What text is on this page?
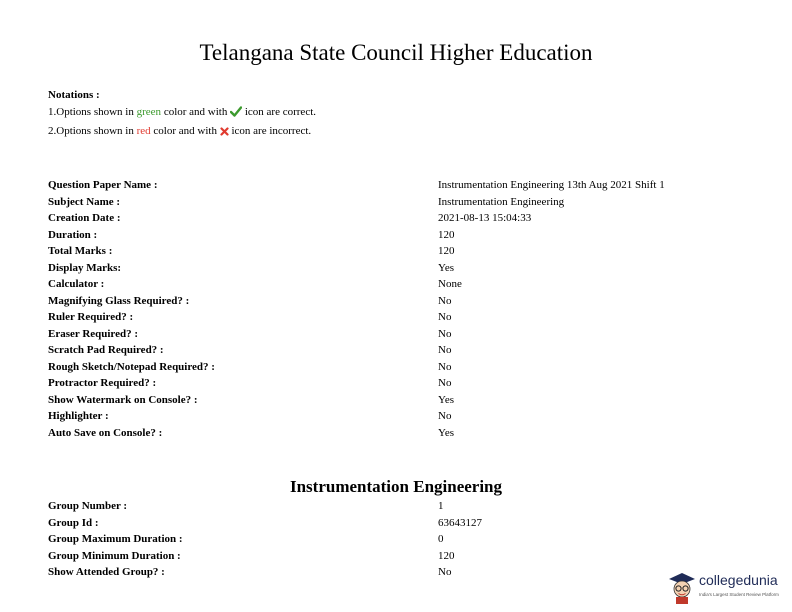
Telangana State Council Higher Education
Notations :
1.Options shown in green color and with  icon are correct.
2.Options shown in red color and with  icon are incorrect.
Question Paper Name :	Instrumentation Engineering 13th Aug 2021 Shift 1
Subject Name :	Instrumentation Engineering
Creation Date :	2021-08-13 15:04:33
Duration :	120
Total Marks :	120
Display Marks:	Yes
Calculator :	None
Magnifying Glass Required? :	No
Ruler Required? :	No
Eraser Required? :	No
Scratch Pad Required? :	No
Rough Sketch/Notepad Required? :	No
Protractor Required? :	No
Show Watermark on Console? :	Yes
Highlighter :	No
Auto Save on Console? :	Yes
Instrumentation Engineering
Group Number :	1
Group Id :	63643127
Group Maximum Duration :	0
Group Minimum Duration :	120
Show Attended Group? :	No	collegedunia
India's Largest Student Review Platform
